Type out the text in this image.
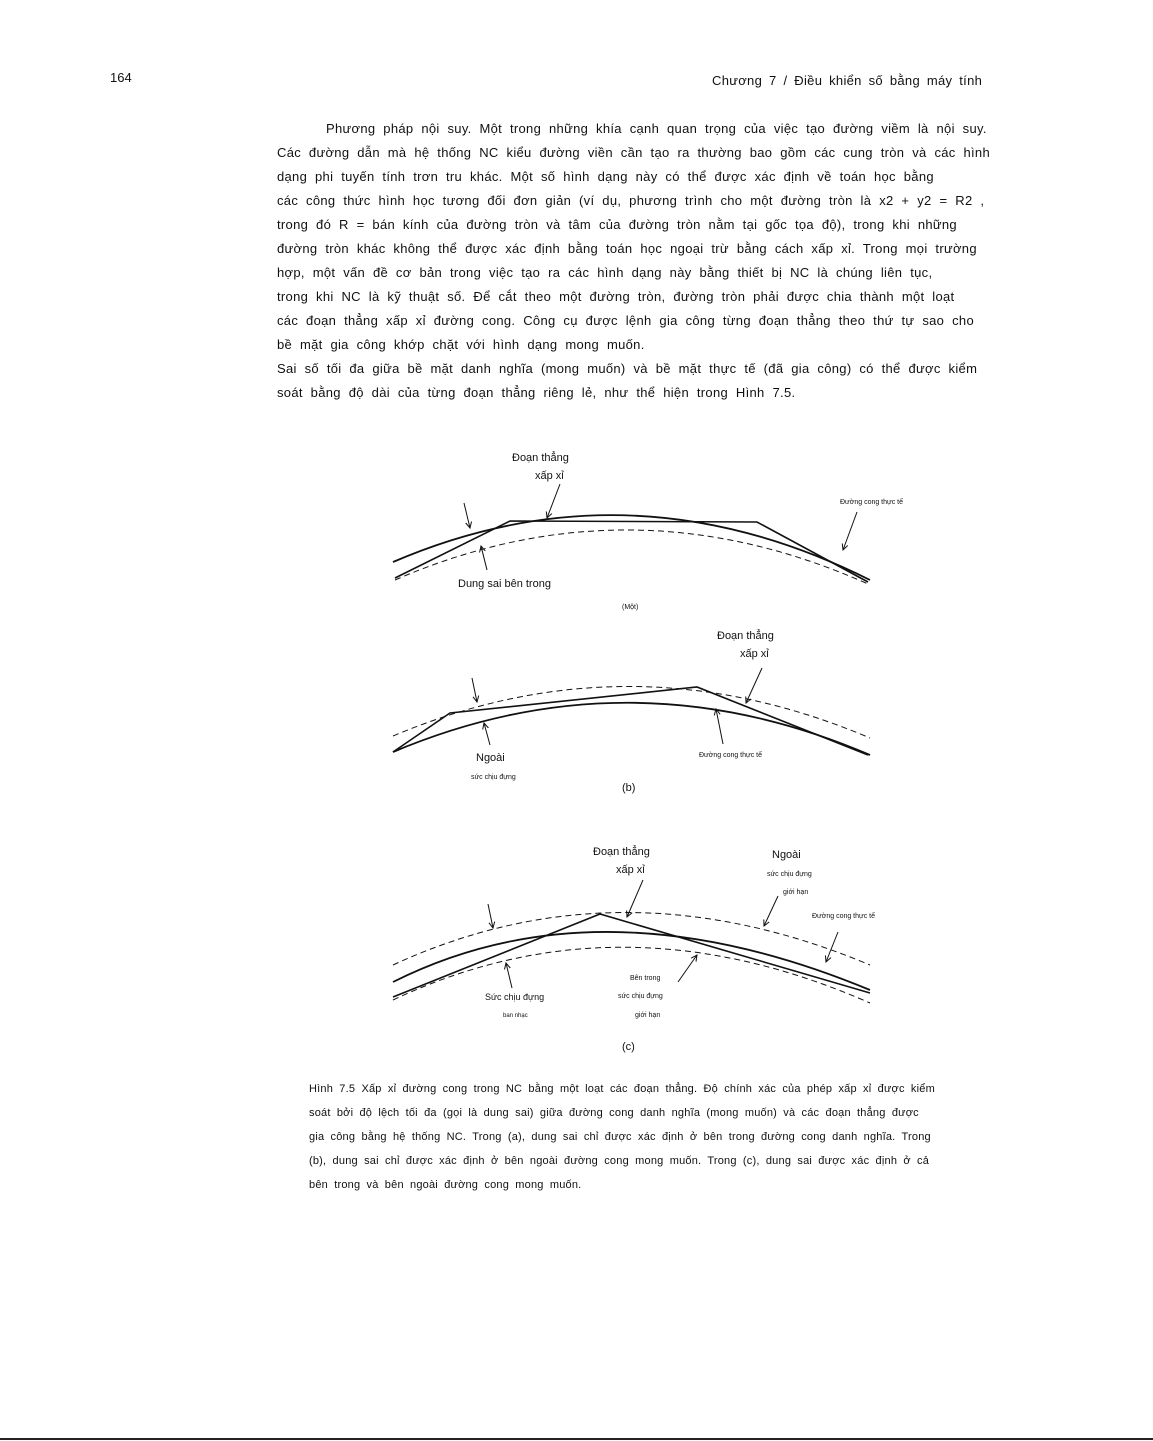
164	Chương 7 / Điều khiển số bằng máy tính
Phương pháp nội suy. Một trong những khía cạnh quan trọng của việc tạo đường viềm là nội suy.
Các đường dẫn mà hệ thống NC kiểu đường viền cần tạo ra thường bao gồm các cung tròn và các hình
dạng phi tuyến tính trơn tru khác. Một số hình dạng này có thể được xác định về toán học bằng
các công thức hình học tương đối đơn giản (ví dụ, phương trình cho một đường tròn là x2 + y2 = R2 ,
trong đó R = bán kính của đường tròn và tâm của đường tròn nằm tại gốc tọa độ), trong khi những
đường tròn khác không thể được xác định bằng toán học ngoại trừ bằng cách xấp xỉ. Trong mọi trường
hợp, một vấn đề cơ bản trong việc tạo ra các hình dạng này bằng thiết bị NC là chúng liên tục,
trong khi NC là kỹ thuật số. Để cắt theo một đường tròn, đường tròn phải được chia thành một loạt
các đoạn thẳng xấp xỉ đường cong. Công cụ được lệnh gia công từng đoạn thẳng theo thứ tự sao cho
bề mặt gia công khớp chặt với hình dạng mong muốn.
Sai số tối đa giữa bề mặt danh nghĩa (mong muốn) và bề mặt thực tế (đã gia công) có thể được kiểm
soát bằng độ dài của từng đoạn thẳng riêng lẻ, như thể hiện trong Hình 7.5.
Đoạn thẳng
xấp xỉ
Đường cong thực tế
Dung sai bên trong
(Một)
Đoạn thẳng
xấp xỉ
Ngoài
sức chịu đựng
Đường cong thực tế
(b)
Đoạn thẳng
xấp xỉ
Ngoài
sức chịu đựng
giới hạn
Đường cong thực tế
Bên trong
sức chịu đựng
giới hạn
Sức chịu đựng
ban nhạc
(c)
Hình 7.5 Xấp xỉ đường cong trong NC bằng một loạt các đoạn thẳng. Độ chính xác của phép xấp xỉ được kiểm
soát bởi độ lệch tối đa (gọi là dung sai) giữa đường cong danh nghĩa (mong muốn) và các đoạn thẳng được
gia công bằng hệ thống NC. Trong (a), dung sai chỉ được xác định ở bên trong đường cong danh nghĩa. Trong
(b), dung sai chỉ được xác định ở bên ngoài đường cong mong muốn. Trong (c), dung sai được xác định ở cả
bên trong và bên ngoài đường cong mong muốn.
